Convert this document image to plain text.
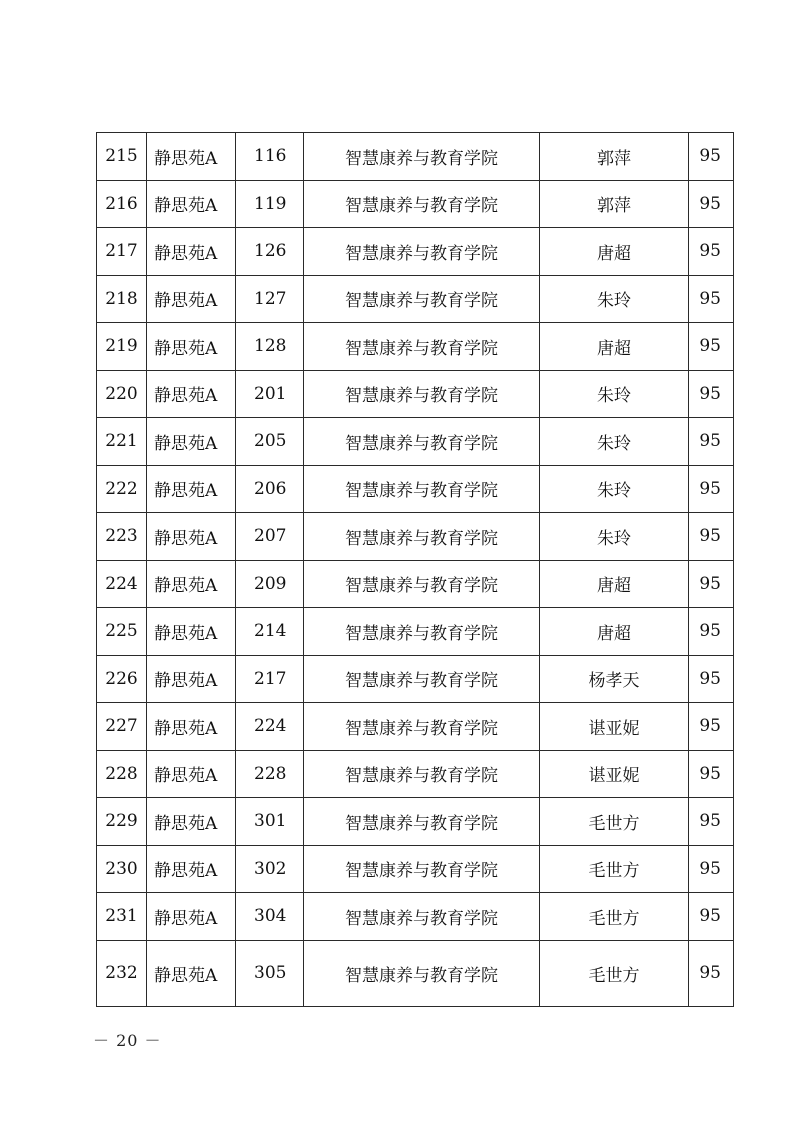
215	静思苑A	116	智慧康养与教育学院	郭萍	95
216	静思苑A	119	智慧康养与教育学院	郭萍	95
217	静思苑A	126	智慧康养与教育学院	唐超	95
218	静思苑A	127	智慧康养与教育学院	朱玲	95
219	静思苑A	128	智慧康养与教育学院	唐超	95
220	静思苑A	201	智慧康养与教育学院	朱玲	95
221	静思苑A	205	智慧康养与教育学院	朱玲	95
222	静思苑A	206	智慧康养与教育学院	朱玲	95
223	静思苑A	207	智慧康养与教育学院	朱玲	95
224	静思苑A	209	智慧康养与教育学院	唐超	95
225	静思苑A	214	智慧康养与教育学院	唐超	95
226	静思苑A	217	智慧康养与教育学院	杨孝天	95
227	静思苑A	224	智慧康养与教育学院	谌亚妮	95
228	静思苑A	228	智慧康养与教育学院	谌亚妮	95
229	静思苑A	301	智慧康养与教育学院	毛世方	95
230	静思苑A	302	智慧康养与教育学院	毛世方	95
231	静思苑A	304	智慧康养与教育学院	毛世方	95
232	静思苑A	305	智慧康养与教育学院	毛世方	95
－ 20 －
